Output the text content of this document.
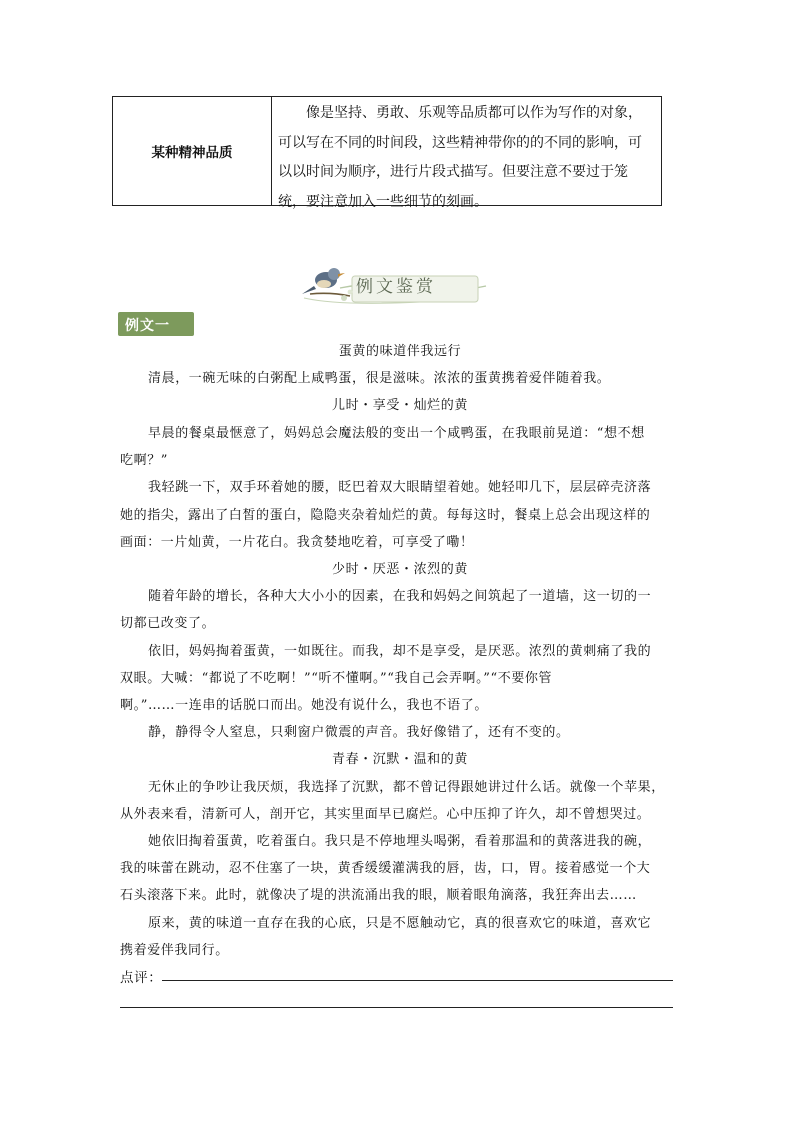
某种精神品质
像是坚持、勇敢、乐观等品质都可以作为写作的对象，可以写在不同的时间段，这些精神带你的的不同的影响，可以以时间为顺序，进行片段式描写。但要注意不要过于笼统，要注意加入一些细节的刻画。
例文鉴赏
例文一
蛋黄的味道伴我远行
清晨，一碗无味的白粥配上咸鸭蛋，很是滋味。浓浓的蛋黄携着爱伴随着我。
儿时・享受・灿烂的黄
早晨的餐桌最惬意了，妈妈总会魔法般的变出一个咸鸭蛋，在我眼前晃道：“想不想
吃啊？”
我轻跳一下，双手环着她的腰，眨巴着双大眼睛望着她。她轻叩几下，层层碎壳济落
她的指尖，露出了白皙的蛋白，隐隐夹杂着灿烂的黄。每每这时，餐桌上总会出现这样的
画面：一片灿黄，一片花白。我贪婪地吃着，可享受了嘞！
少时・厌恶・浓烈的黄
随着年龄的增长，各种大大小小的因素，在我和妈妈之间筑起了一道墙，这一切的一
切都已改变了。
依旧，妈妈掏着蛋黄，一如既往。而我，却不是享受，是厌恶。浓烈的黄刺痛了我的
双眼。大喊：“都说了不吃啊！”“听不懂啊。”“我自己会弄啊。”“不要你管
啊。”……一连串的话脱口而出。她没有说什么，我也不语了。
静，静得令人窒息，只剩窗户微震的声音。我好像错了，还有不变的。
青春・沉默・温和的黄
无休止的争吵让我厌烦，我选择了沉默，都不曾记得跟她讲过什么话。就像一个苹果，
从外表来看，清新可人，剖开它，其实里面早已腐烂。心中压抑了许久，却不曾想哭过。
她依旧掏着蛋黄，吃着蛋白。我只是不停地埋头喝粥，看着那温和的黄落进我的碗，
我的味蕾在跳动，忍不住塞了一块，黄香缓缓灌满我的唇，齿，口，胃。接着感觉一个大
石头滚落下来。此时，就像决了堤的洪流涌出我的眼，顺着眼角滴落，我狂奔出去……
原来，黄的味道一直存在我的心底，只是不愿触动它，真的很喜欢它的味道，喜欢它
携着爱伴我同行。
点评：
